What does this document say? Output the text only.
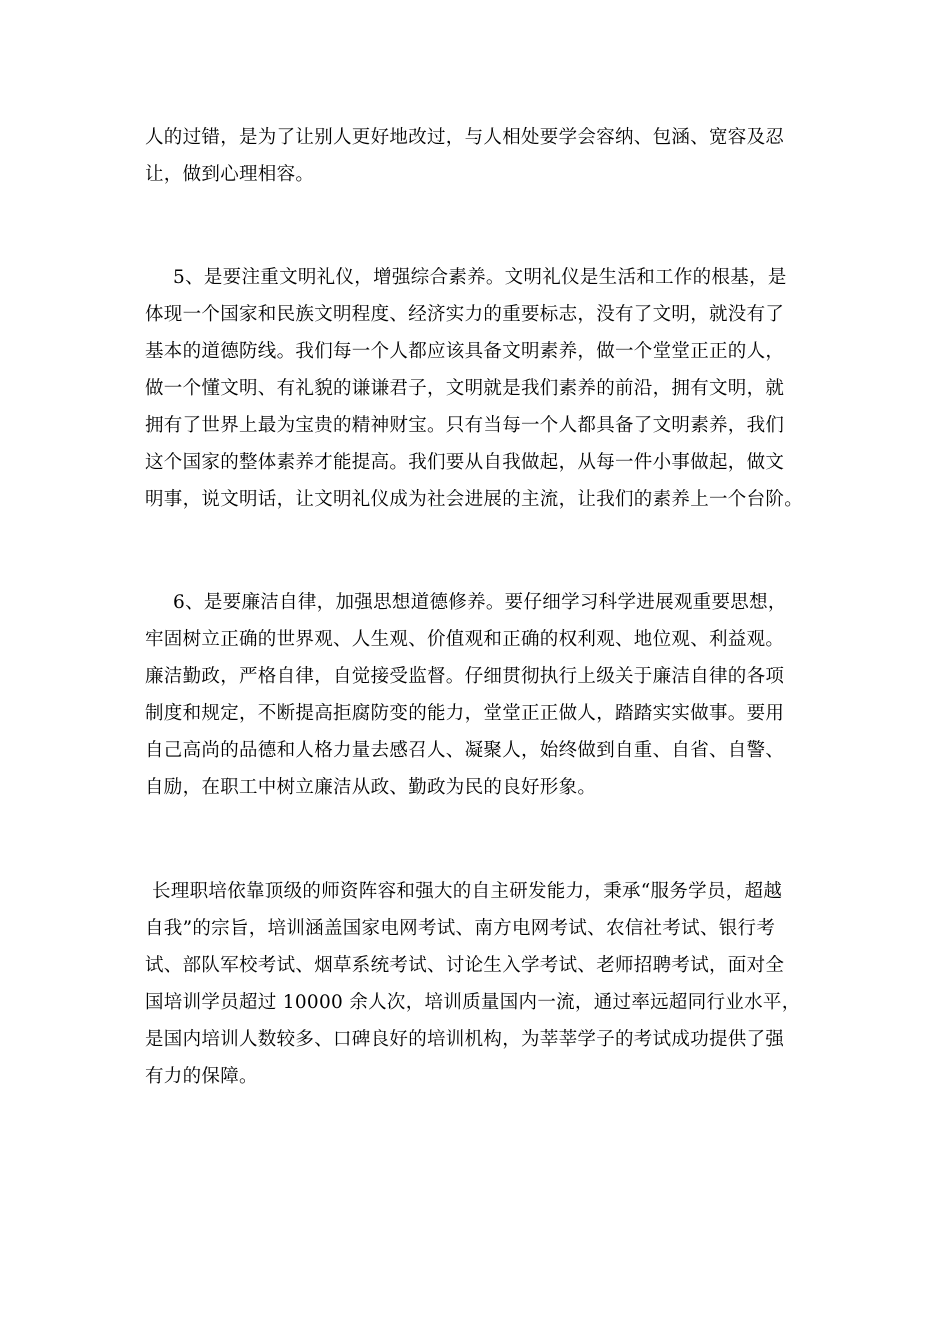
人的过错，是为了让别人更好地改过，与人相处要学会容纳、包涵、宽容及忍
让，做到心理相容。
5、是要注重文明礼仪，增强综合素养。文明礼仪是生活和工作的根基，是
体现一个国家和民族文明程度、经济实力的重要标志，没有了文明，就没有了
基本的道德防线。我们每一个人都应该具备文明素养，做一个堂堂正正的人，
做一个懂文明、有礼貌的谦谦君子，文明就是我们素养的前沿，拥有文明，就
拥有了世界上最为宝贵的精神财宝。只有当每一个人都具备了文明素养，我们
这个国家的整体素养才能提高。我们要从自我做起，从每一件小事做起，做文
明事，说文明话，让文明礼仪成为社会进展的主流，让我们的素养上一个台阶。
6、是要廉洁自律，加强思想道德修养。要仔细学习科学进展观重要思想，
牢固树立正确的世界观、人生观、价值观和正确的权利观、地位观、利益观。
廉洁勤政，严格自律，自觉接受监督。仔细贯彻执行上级关于廉洁自律的各项
制度和规定，不断提高拒腐防变的能力，堂堂正正做人，踏踏实实做事。要用
自己高尚的品德和人格力量去感召人、凝聚人，始终做到自重、自省、自警、
自励，在职工中树立廉洁从政、勤政为民的良好形象。
长理职培依靠顶级的师资阵容和强大的自主研发能力，秉承“服务学员，超越
自我”的宗旨，培训涵盖国家电网考试、南方电网考试、农信社考试、银行考
试、部队军校考试、烟草系统考试、讨论生入学考试、老师招聘考试，面对全
国培训学员超过 10000 余人次，培训质量国内一流，通过率远超同行业水平，
是国内培训人数较多、口碑良好的培训机构，为莘莘学子的考试成功提供了强
有力的保障。
